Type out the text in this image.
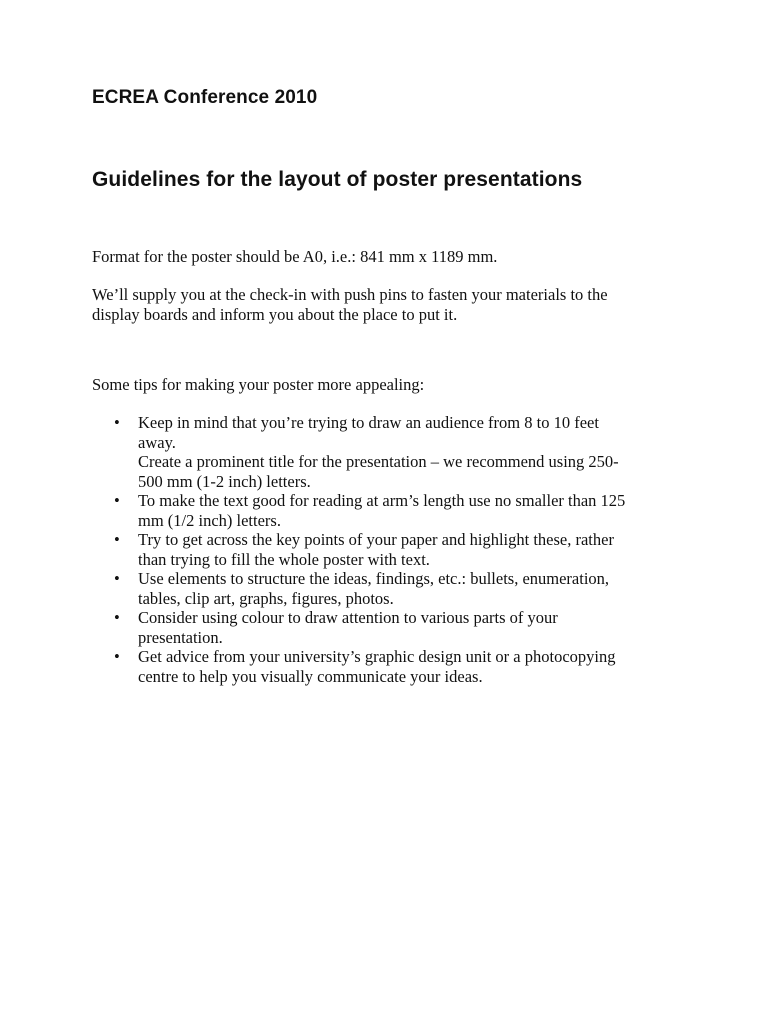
ECREA Conference 2010
Guidelines for the layout of poster presentations

Format for the poster should be A0, i.e.: 841 mm x 1189 mm.

We’ll supply you at the check-in with push pins to fasten your materials to the
display boards and inform you about the place to put it.

Some tips for making your poster more appealing:

• Keep in mind that you’re trying to draw an audience from 8 to 10 feet
away.
Create a prominent title for the presentation – we recommend using 250-
500 mm (1-2 inch) letters.
• To make the text good for reading at arm’s length use no smaller than 125
mm (1/2 inch) letters.
• Try to get across the key points of your paper and highlight these, rather
than trying to fill the whole poster with text.
• Use elements to structure the ideas, findings, etc.: bullets, enumeration,
tables, clip art, graphs, figures, photos.
• Consider using colour to draw attention to various parts of your
presentation.
• Get advice from your university’s graphic design unit or a photocopying
centre to help you visually communicate your ideas.
